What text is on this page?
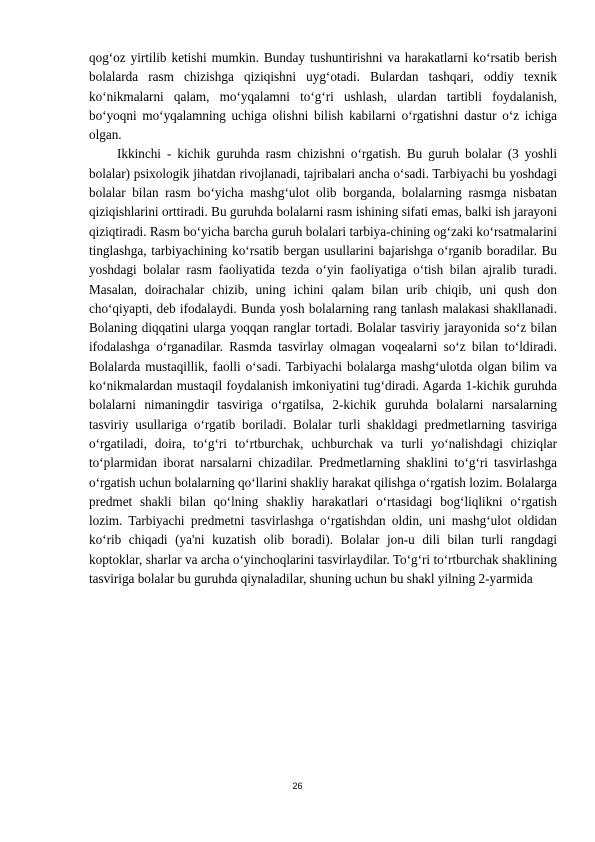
qog‘oz yirtilib ketishi mumkin. Bunday tushuntirishni va harakatlarni ko‘rsatib berish bolalarda rasm chizishga qiziqishni uyg‘otadi. Bulardan tashqari, oddiy texnik ko‘nikmalarni qalam, mo‘yqalamni to‘g‘ri ushlash, ulardan tartibli foydalanish, bo‘yoqni mo‘yqalamning uchiga olishni bilish kabilarni o‘rgatishni dastur o‘z ichiga olgan.

Ikkinchi - kichik guruhda rasm chizishni o‘rgatish. Bu guruh bolalar (3 yoshli bolalar) psixologik jihatdan rivojlanadi, tajribalari ancha o‘sadi. Tarbiyachi bu yoshdagi bolalar bilan rasm bo‘yicha mashg‘ulot olib borganda, bolalarning rasmga nisbatan qiziqishlarini orttiradi. Bu guruhda bolalarni rasm ishining sifati emas, balki ish jarayoni qiziqtiradi. Rasm bo‘yicha barcha guruh bolalari tarbiya-chining og‘zaki ko‘rsatmalarini tinglashga, tarbiyachining ko‘rsatib bergan usullarini bajarishga o‘rganib boradilar. Bu yoshdagi bolalar rasm faoliyatida tezda o‘yin faoliyatiga o‘tish bilan ajralib turadi. Masalan, doirachalar chizib, uning ichini qalam bilan urib chiqib, uni qush don cho‘qiyapti, deb ifodalaydi. Bunda yosh bolalarning rang tanlash malakasi shakllanadi. Bolaning diqqatini ularga yoqqan ranglar tortadi. Bolalar tasviriy jarayonida so‘z bilan ifodalashga o‘rganadilar. Rasmda tasvirlay olmagan voqealarni so‘z bilan to‘ldiradi. Bolalarda mustaqillik, faolli o‘sadi. Tarbiyachi bolalarga mashg‘ulotda olgan bilim va ko‘nikmalardan mustaqil foydalanish imkoniyatini tug‘diradi. Agarda 1-kichik guruhda bolalarni nimaningdir tasviriga o‘rgatilsa, 2-kichik guruhda bolalarni narsalarning tasviriy usullariga o‘rgatib boriladi. Bolalar turli shakldagi predmetlarning tasviriga o‘rgatiladi, doira, to‘g‘ri to‘rtburchak, uchburchak va turli yo‘nalishdagi chiziqlar to‘plarmidan iborat narsalarni chizadilar. Predmetlarning shaklini to‘g‘ri tasvirlashga o‘rgatish uchun bolalarning qo‘llarini shakliy harakat qilishga o‘rgatish lozim. Bolalarga predmet shakli bilan qo‘lning shakliy harakatlari o‘rtasidagi bog‘liqlikni o‘rgatish lozim. Tarbiyachi predmetni tasvirlashga o‘rgatishdan oldin, uni mashg‘ulot oldidan ko‘rib chiqadi (ya'ni kuzatish olib boradi). Bolalar jon-u dili bilan turli rangdagi koptoklar, sharlar va archa o‘yinchoqlarini tasvirlaydilar. To‘g‘ri to‘rtburchak shaklining tasviriga bolalar bu guruhda qiynaladilar, shuning uchun bu shakl yilning 2-yarmida

26
